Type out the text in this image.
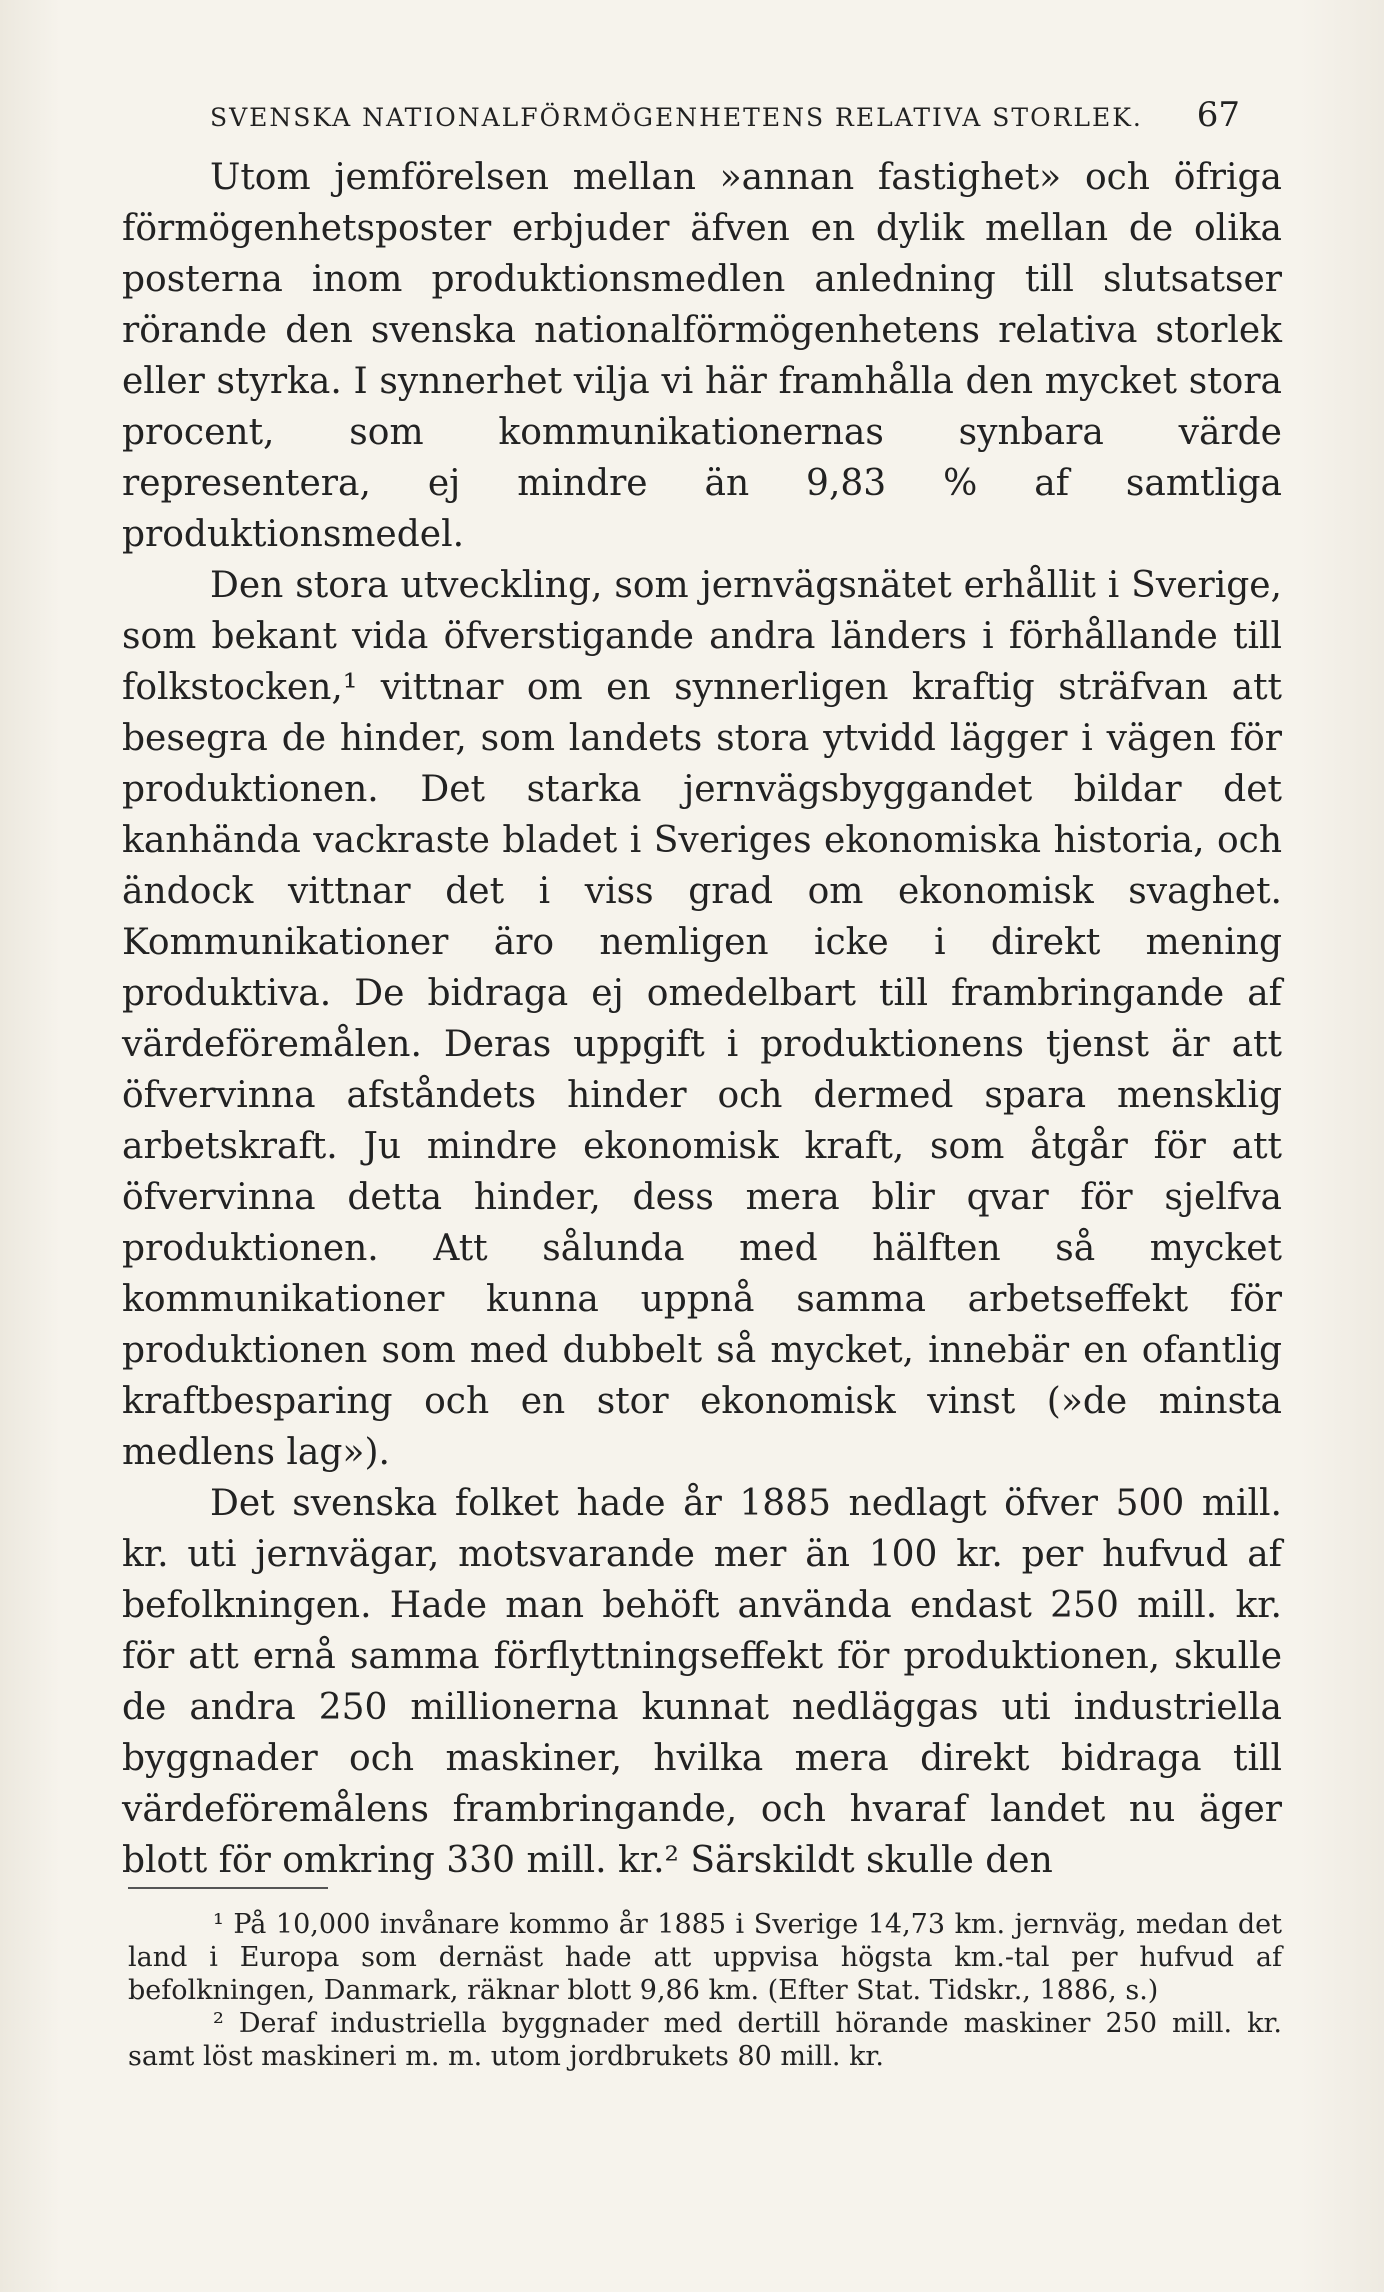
SVENSKA NATIONALFÖRMÖGENHETENS RELATIVA STORLEK. 67

Utom jemförelsen mellan »annan fastighet» och öfriga förmögenhetsposter erbjuder äfven en dylik mellan de olika posterna inom produktionsmedlen anledning till slutsatser rörande den svenska nationalförmögenhetens relativa storlek eller styrka. I synnerhet vilja vi här framhålla den mycket stora procent, som kommunikationernas synbara värde representera, ej mindre än 9,83 % af samtliga produktionsmedel.

Den stora utveckling, som jernvägsnätet erhållit i Sverige, som bekant vida öfverstigande andra länders i förhållande till folkstocken,¹ vittnar om en synnerligen kraftig sträfvan att besegra de hinder, som landets stora ytvidd lägger i vägen för produktionen. Det starka jernvägsbyggandet bildar det kanhända vackraste bladet i Sveriges ekonomiska historia, och ändock vittnar det i viss grad om ekonomisk svaghet. Kommunikationer äro nemligen icke i direkt mening produktiva. De bidraga ej omedelbart till frambringande af värdeföremålen. Deras uppgift i produktionens tjenst är att öfvervinna afståndets hinder och dermed spara mensklig arbetskraft. Ju mindre ekonomisk kraft, som åtgår för att öfvervinna detta hinder, dess mera blir qvar för sjelfva produktionen. Att sålunda med hälften så mycket kommunikationer kunna uppnå samma arbetseffekt för produktionen som med dubbelt så mycket, innebär en ofantlig kraftbesparing och en stor ekonomisk vinst (»de minsta medlens lag»).

Det svenska folket hade år 1885 nedlagt öfver 500 mill. kr. uti jernvägar, motsvarande mer än 100 kr. per hufvud af befolkningen. Hade man behöft använda endast 250 mill. kr. för att ernå samma förflyttningseffekt för produktionen, skulle de andra 250 millionerna kunnat nedläggas uti industriella byggnader och maskiner, hvilka mera direkt bidraga till värdeföremålens frambringande, och hvaraf landet nu äger blott för omkring 330 mill. kr.² Särskildt skulle den

¹ På 10,000 invånare kommo år 1885 i Sverige 14,73 km. jernväg, medan det land i Europa som dernäst hade att uppvisa högsta km.-tal per hufvud af befolkningen, Danmark, räknar blott 9,86 km. (Efter Stat. Tidskr., 1886, s.)

² Deraf industriella byggnader med dertill hörande maskiner 250 mill. kr. samt löst maskineri m. m. utom jordbrukets 80 mill. kr.
